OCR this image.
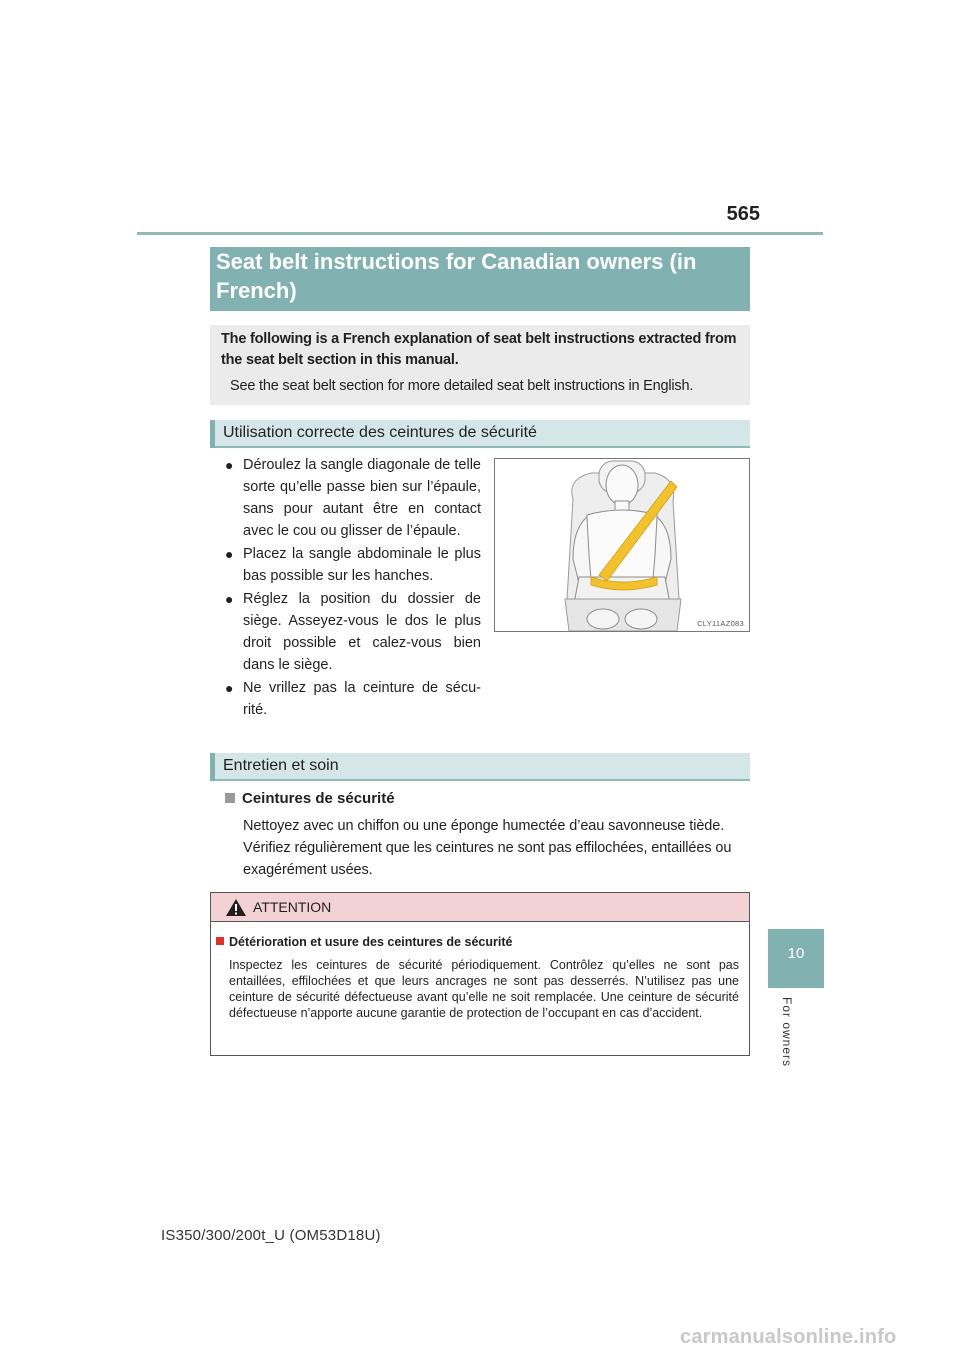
565
Seat belt instructions for Canadian owners (in
French)
The following is a French explanation of seat belt instructions extracted from
the seat belt section in this manual.
See the seat belt section for more detailed seat belt instructions in English.
Utilisation correcte des ceintures de sécurité
● Déroulez la sangle diagonale de telle sorte qu’elle passe bien sur l’épaule, sans pour autant être en contact avec le cou ou glisser de l’épaule.
● Placez la sangle abdominale le plus bas possible sur les hanches.
● Réglez la position du dossier de siège. Asseyez-vous le dos le plus droit possible et calez-vous bien dans le siège.
● Ne vrillez pas la ceinture de sécu-rité.
CLY11AZ083
Entretien et soin
Ceintures de sécurité
Nettoyez avec un chiffon ou une éponge humectée d’eau savonneuse tiède. Vérifiez régulièrement que les ceintures ne sont pas effilochées, entaillées ou exagérément usées.
ATTENTION
Détérioration et usure des ceintures de sécurité
Inspectez les ceintures de sécurité périodiquement. Contrôlez qu’elles ne sont pas entaillées, effilochées et que leurs ancrages ne sont pas desserrés. N’utilisez pas une ceinture de sécurité défectueuse avant qu’elle ne soit remplacée. Une ceinture de sécurité défectueuse n’apporte aucune garantie de protection de l’occupant en cas d’accident.
10
For owners
IS350/300/200t_U (OM53D18U)
carmanualsonline.info
